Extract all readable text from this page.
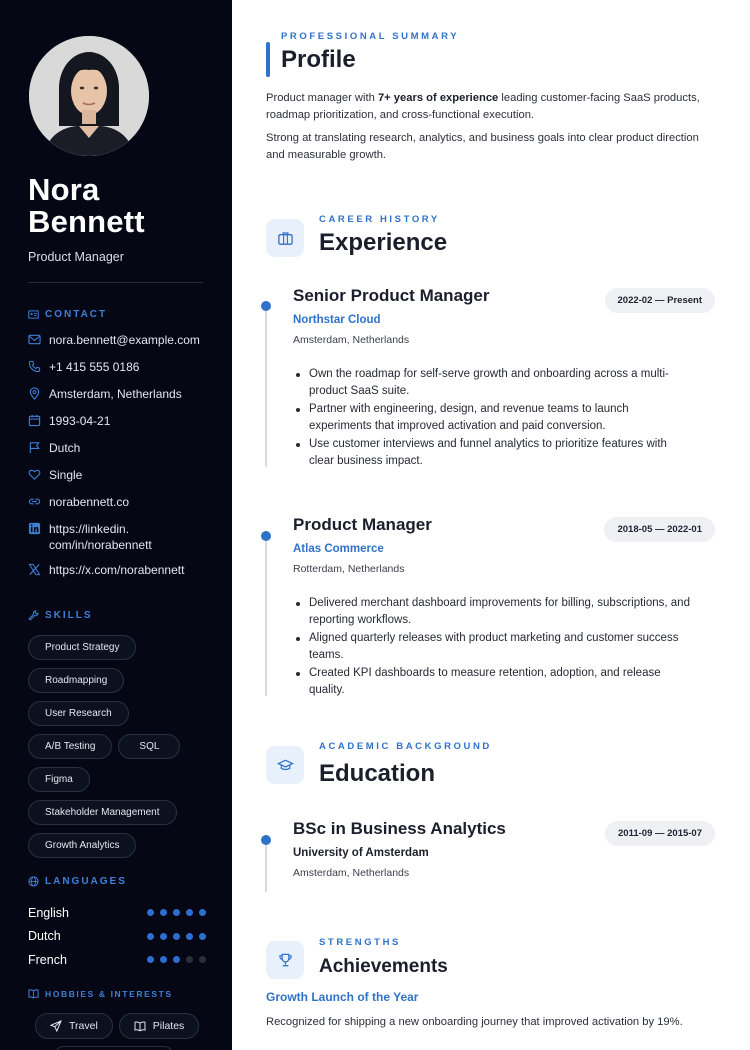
Nora
Bennett
Product Manager
CONTACT
nora.bennett@example.com
+1 415 555 0186
Amsterdam, Netherlands
1993-04-21
Dutch
Single
norabennett.co
https://linkedin.
com/in/norabennett
https://x.com/norabennett
SKILLS
Product Strategy
Roadmapping
User Research
A/B Testing	SQL
Figma
Stakeholder Management
Growth Analytics
LANGUAGES
English
Dutch
French
HOBBIES & INTERESTS
Travel	Pilates
PROFESSIONAL SUMMARY
Profile

Product manager with 7+ years of experience leading customer-facing SaaS products, roadmap prioritization, and cross-functional execution.

Strong at translating research, analytics, and business goals into clear product direction and measurable growth.

CAREER HISTORY
Experience
Senior Product Manager	2022-02 — Present
Northstar Cloud
Amsterdam, Netherlands
Own the roadmap for self-serve growth and onboarding across a multi-product SaaS suite.
Partner with engineering, design, and revenue teams to launch experiments that improved activation and paid conversion.
Use customer interviews and funnel analytics to prioritize features with clear business impact.
Product Manager	2018-05 — 2022-01
Atlas Commerce
Rotterdam, Netherlands
Delivered merchant dashboard improvements for billing, subscriptions, and reporting workflows.
Aligned quarterly releases with product marketing and customer success teams.
Created KPI dashboards to measure retention, adoption, and release quality.
ACADEMIC BACKGROUND
Education
BSc in Business Analytics	2011-09 — 2015-07
University of Amsterdam
Amsterdam, Netherlands
STRENGTHS
Achievements
Growth Launch of the Year
Recognized for shipping a new onboarding journey that improved activation by 19%.
